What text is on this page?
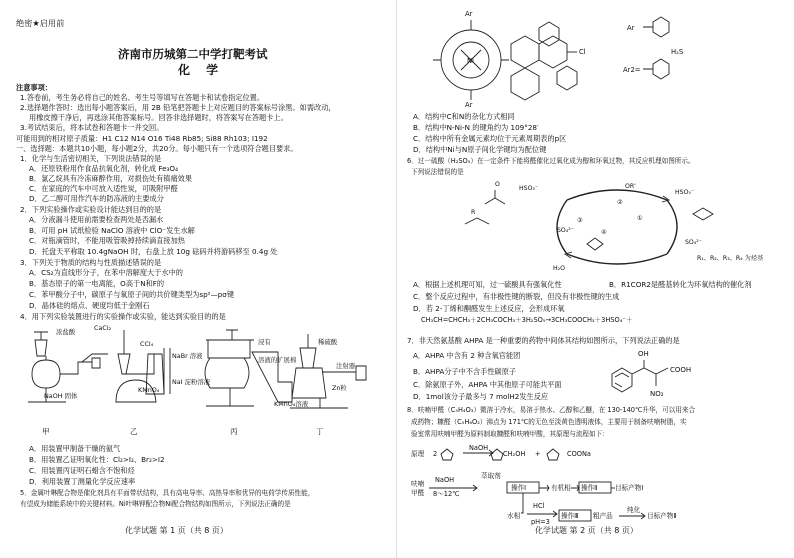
绝密★启用前
济南市历城第二中学打靶考试
化 学
注意事项：
1.答卷前，考生务必将自己的姓名、考生号等填写在答题卡和试卷指定位置。
2.选择题作答时：选出每小题答案后，用 2B 铅笔把答题卡上对应题目的答案标号涂黑。如需改动，
用橡皮擦干净后，再选涂其他答案标号。回答非选择题时，将答案写在答题卡上。
3.考试结束后，将本试卷和答题卡一并交回。
可能用到的相对原子质量：H1 C12 N14 O16 Ti48 Rb85; Si88 Rh103; I192
一、选择题：本题共10小题，每小题2分，共20分。每小题只有一个选项符合题目要求。
1．化学与生活密切相关，下列说法错误的是
A．还原铁粉用作食品抗氧化剂，转化成 Fe₃O₄
B．氯乙烷具有冷冻麻醉作用，对损伤处有镇痛效果
C．在家庭的汽车中可放入适性炭，可吸附甲醛
D．乙二醇可用作汽车的防冻液的主要成分
2．下列实验操作或实验设计能达到目的的是
A．分液漏斗使用前需要检查两处是否漏水
B．可用 pH 试纸检验 NaClO 溶液中 ClO⁻发生水解
C．对瓶滴管时，不能用吸管吸掉持续滴直接加热
D．托盘天平称取 10.4gNaOH 时，右盘上放 10g 砝码并将游码移至 0.4g 处
3．下列关于物质的结构与性质描述错误的是
A．CS₂为直线形分子，在苯中溶解度大于水中的
B．基态原子的第一电离能，O高于N和F的
C．苯甲酸分子中，碳原子与氧原子间的共价键类型为sp²—pσ键
D．晶体硅的熔点、硬度均低于金刚石
4．用下列实验装置进行的实验操作或实验，能达到实验目的的是
浓盐酸	CaCl₂
NaOH 固体
CCl₄
KMnO₄
NaBr 溶液
NaI 淀粉溶液
浸有
溶液的扩展棉
稀硫酸
注射器
Zn粒
KMnO₄溶液
甲	乙	丙	丁
A．用装置甲制备干燥的氨气
B．用装置乙证明氧化性：Cl₂>I₂、Br₂>I2
C．用装置丙证明石蜡含不饱和烃
D．利用装置丁测量化学反应速率
5．金属叶啉配合物是催化剂具有平面带状结构，具有高电导率、高热导率和优异的电荷学传质性能，
有望成为储能系统中的关键材料。Ni叶啉钾配合物Ni配合物结构如图所示，下列说法正确的是
化学试题 第 1 页（共 8 页）
Ar
Ar
Ni
Cl
Ar
H₂S
Ar2=
A．结构中C和N的杂化方式相同
B．结构中N-Ni-N 的键角约为 109°28′
C．结构中所有金属元素均位于元素周期表的p区
D．结构中Ni与N原子间化学键均为配位键
6．过一硫酸（H₂SO₅）在一定条件下能将醛催化过氧化成为醇和环氧过物，其反应机理如图所示。
下列说法错误的是
HSO₅⁻	OR'
HSO₅⁻
①
②
③
④
SO₄²⁻
SO₄²⁻
H₂O
R
O
R₁、R₂、R₃、R₄ 为烃基
A．根据上述机理可知，过一硫酸具有强氧化性	B．R1COR2是醛基转化为环氧结构的催化剂
C．整个反应过程中，有非极性键的断裂，但没有非极性键的生成
D．若 2-丁烯和酮醛发生上述反应，会形成环氧
CH₃CH=CHCH₃＋2CH₃COCH₃＋3H₂SO₅→3CH₃COOCH₃＋3HSO₄⁻＋
7．非天然氨基酸 AHPA 是一种重要的药物中间体其结构如图所示，下列说法正确的是
A．AHPA 中含有 2 种含氧官能团
B．AHPA分子中不含手性碳原子
C．除氨原子外，AHPA 中其他原子可能共平面
D．1mol该分子最多与 7 molH2发生反应
COOH
OH
NO₂
8．呋喃甲醛（C₅H₄O₃）微溶于冷水，易溶于热水、乙醇和乙醚，在 130-140℃升华，可以用来合
成药物；糠醛（C₅H₆O₂）沸点为 171℃的无色至淡黄色透明液体，主要用于制备呋喃树脂，实
验室常用呋喃甲醛为原料制取糠醛和呋喃甲酸，其原理与流程如下：
原理 2
NaOH
CH₂OH +	COONa
呋喃
甲醛
NaOH
8～12℃
萃取剂
操作Ⅰ	有机相 操作Ⅱ	目标产物Ⅰ
水相
HCl
pH=3
操作Ⅲ 粗产品
纯化
目标产物Ⅱ
化学试题 第 2 页（共 8 页）
